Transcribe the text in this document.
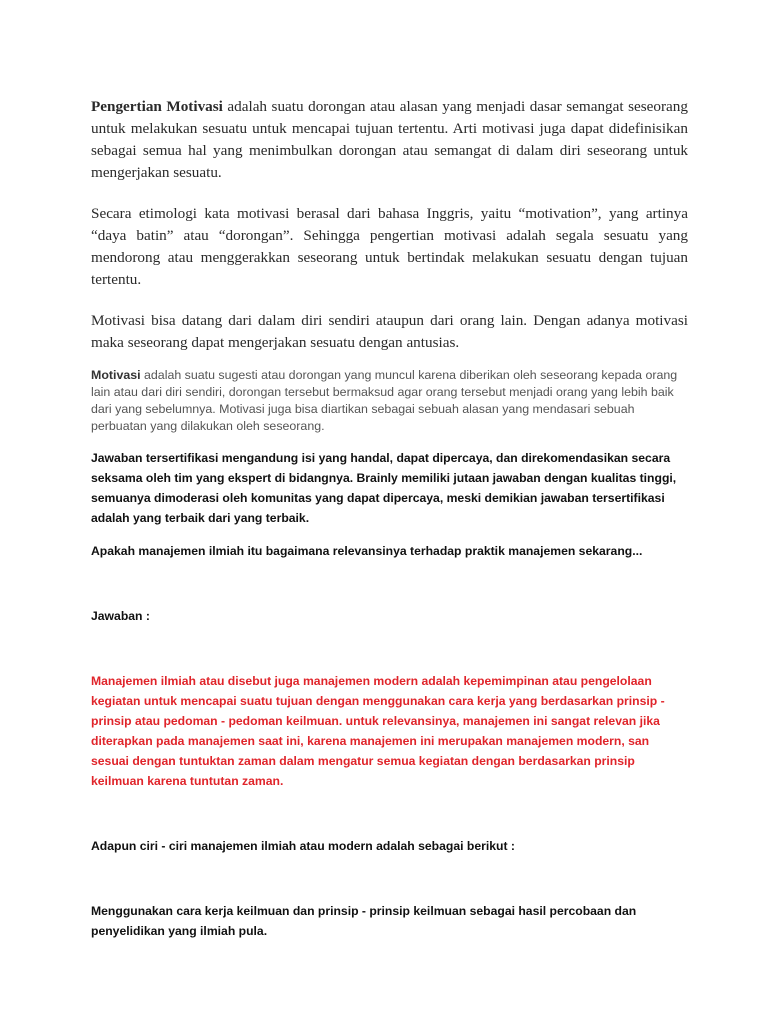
Pengertian Motivasi adalah suatu dorongan atau alasan yang menjadi dasar semangat seseorang untuk melakukan sesuatu untuk mencapai tujuan tertentu. Arti motivasi juga dapat didefinisikan sebagai semua hal yang menimbulkan dorongan atau semangat di dalam diri seseorang untuk mengerjakan sesuatu.
Secara etimologi kata motivasi berasal dari bahasa Inggris, yaitu “motivation”, yang artinya “daya batin” atau “dorongan”. Sehingga pengertian motivasi adalah segala sesuatu yang mendorong atau menggerakkan seseorang untuk bertindak melakukan sesuatu dengan tujuan tertentu.
Motivasi bisa datang dari dalam diri sendiri ataupun dari orang lain. Dengan adanya motivasi maka seseorang dapat mengerjakan sesuatu dengan antusias.
Motivasi adalah suatu sugesti atau dorongan yang muncul karena diberikan oleh seseorang kepada orang lain atau dari diri sendiri, dorongan tersebut bermaksud agar orang tersebut menjadi orang yang lebih baik dari yang sebelumnya. Motivasi juga bisa diartikan sebagai sebuah alasan yang mendasari sebuah perbuatan yang dilakukan oleh seseorang.
Jawaban tersertifikasi mengandung isi yang handal, dapat dipercaya, dan direkomendasikan secara seksama oleh tim yang ekspert di bidangnya. Brainly memiliki jutaan jawaban dengan kualitas tinggi, semuanya dimoderasi oleh komunitas yang dapat dipercaya, meski demikian jawaban tersertifikasi adalah yang terbaik dari yang terbaik.
Apakah manajemen ilmiah itu bagaimana relevansinya terhadap praktik manajemen sekarang...
Jawaban :
Manajemen ilmiah atau disebut juga manajemen modern adalah kepemimpinan atau pengelolaan kegiatan untuk mencapai suatu tujuan dengan menggunakan cara kerja yang berdasarkan prinsip - prinsip atau pedoman - pedoman keilmuan. untuk relevansinya, manajemen ini sangat relevan jika diterapkan pada manajemen saat ini, karena manajemen ini merupakan manajemen modern, san sesuai dengan tuntuktan zaman dalam mengatur semua kegiatan dengan berdasarkan prinsip keilmuan karena tuntutan zaman.
Adapun ciri - ciri manajemen ilmiah atau modern adalah sebagai berikut :
Menggunakan cara kerja keilmuan dan prinsip - prinsip keilmuan sebagai hasil percobaan dan penyelidikan yang ilmiah pula.
